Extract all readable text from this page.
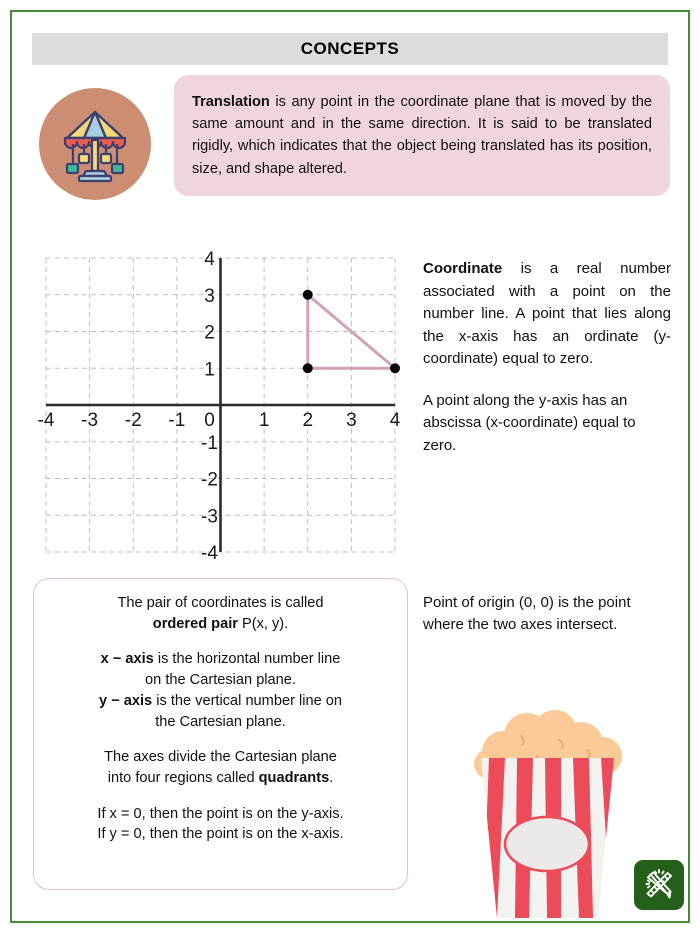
CONCEPTS

Translation is any point in the coordinate plane that is moved by the same amount and in the same direction. It is said to be translated rigidly, which indicates that the object being translated has its position, size, and shape altered.

-4 -3 -2 -1 0 1 2 3 4
4
3
2
1
-1
-2
-3
-4

Coordinate is a real number associated with a point on the number line. A point that lies along the x-axis has an ordinate (y-coordinate) equal to zero.

A point along the y-axis has an abscissa (x-coordinate) equal to zero.

Point of origin (0, 0) is the point where the two axes intersect.

The pair of coordinates is called

ordered pair P(x, y).

x − axis is the horizontal number line

on the Cartesian plane.

y − axis is the vertical number line on

the Cartesian plane.

The axes divide the Cartesian plane

into four regions called quadrants.

If x = 0, then the point is on the y-axis.

If y = 0, then the point is on the x-axis.
